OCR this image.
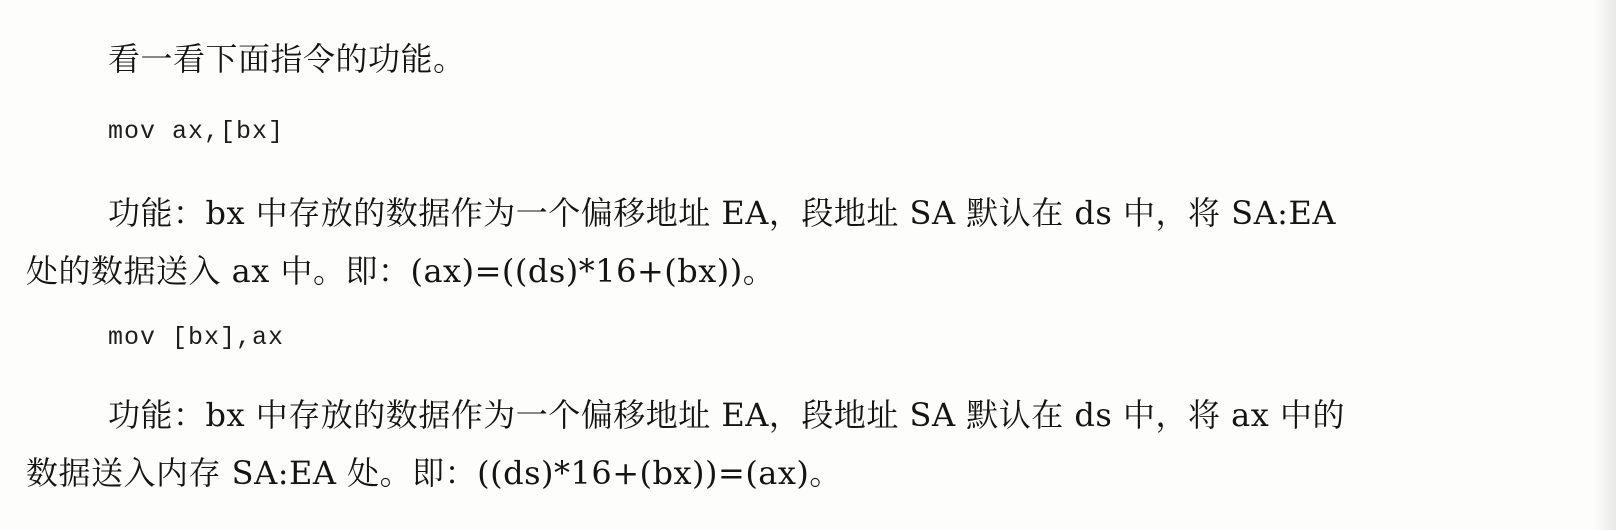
看一看下面指令的功能。

mov ax,[bx]

功能：bx 中存放的数据作为一个偏移地址 EA，段地址 SA 默认在 ds 中，将 SA:EA

处的数据送入 ax 中。即：(ax)=((ds)*16+(bx))。

mov [bx],ax

功能：bx 中存放的数据作为一个偏移地址 EA，段地址 SA 默认在 ds 中，将 ax 中的

数据送入内存 SA:EA 处。即：((ds)*16+(bx))=(ax)。
